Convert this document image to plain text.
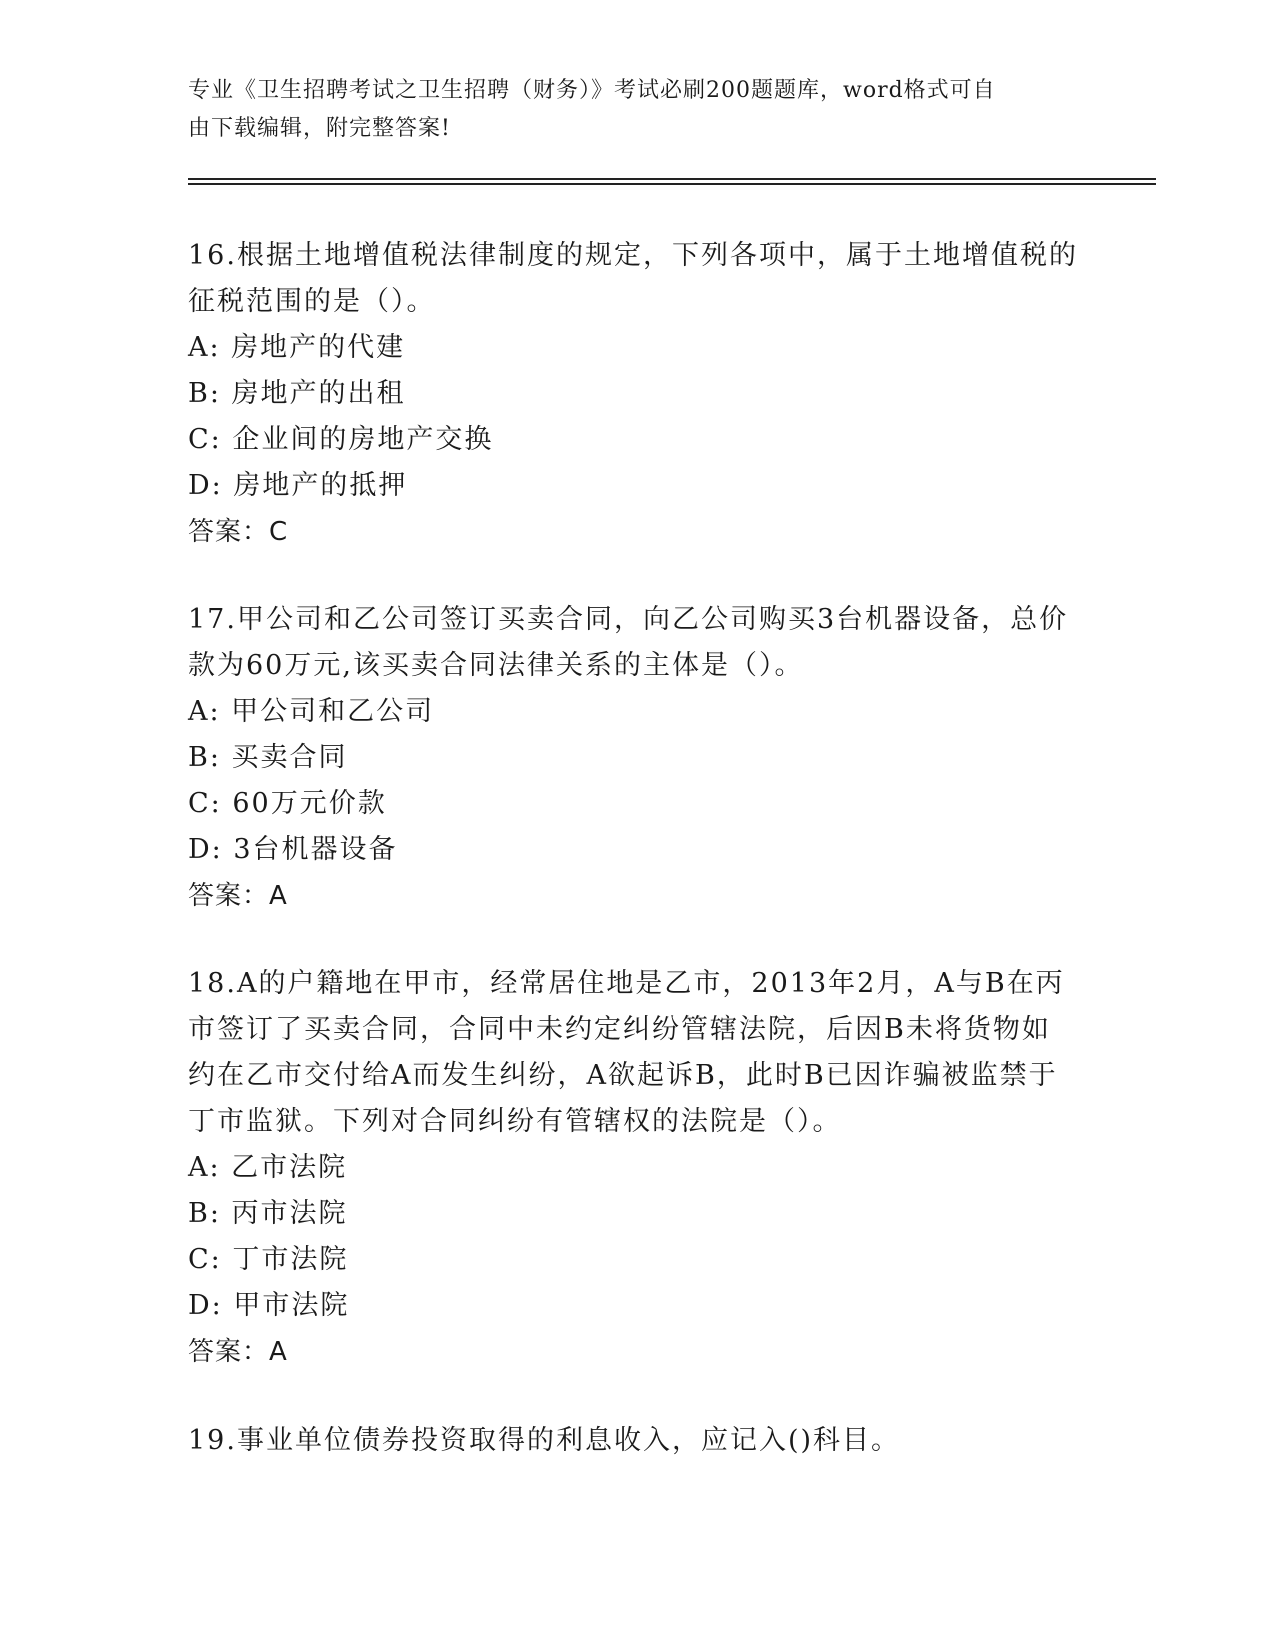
专业《卫生招聘考试之卫生招聘（财务）》考试必刷200题题库，word格式可自
由下载编辑，附完整答案!

16.根据土地增值税法律制度的规定，下列各项中，属于土地增值税的

征税范围的是（）。

A: 房地产的代建

B: 房地产的出租

C: 企业间的房地产交换

D: 房地产的抵押

答案：C

17.甲公司和乙公司签订买卖合同，向乙公司购买3台机器设备，总价

款为60万元,该买卖合同法律关系的主体是（）。

A: 甲公司和乙公司

B: 买卖合同

C: 60万元价款

D: 3台机器设备

答案：A

18.A的户籍地在甲市，经常居住地是乙市，2013年2月，A与B在丙

市签订了买卖合同，合同中未约定纠纷管辖法院，后因B未将货物如

约在乙市交付给A而发生纠纷，A欲起诉B，此时B已因诈骗被监禁于

丁市监狱。下列对合同纠纷有管辖权的法院是（）。

A: 乙市法院

B: 丙市法院

C: 丁市法院

D: 甲市法院

答案：A

19.事业单位债券投资取得的利息收入，应记入()科目。
